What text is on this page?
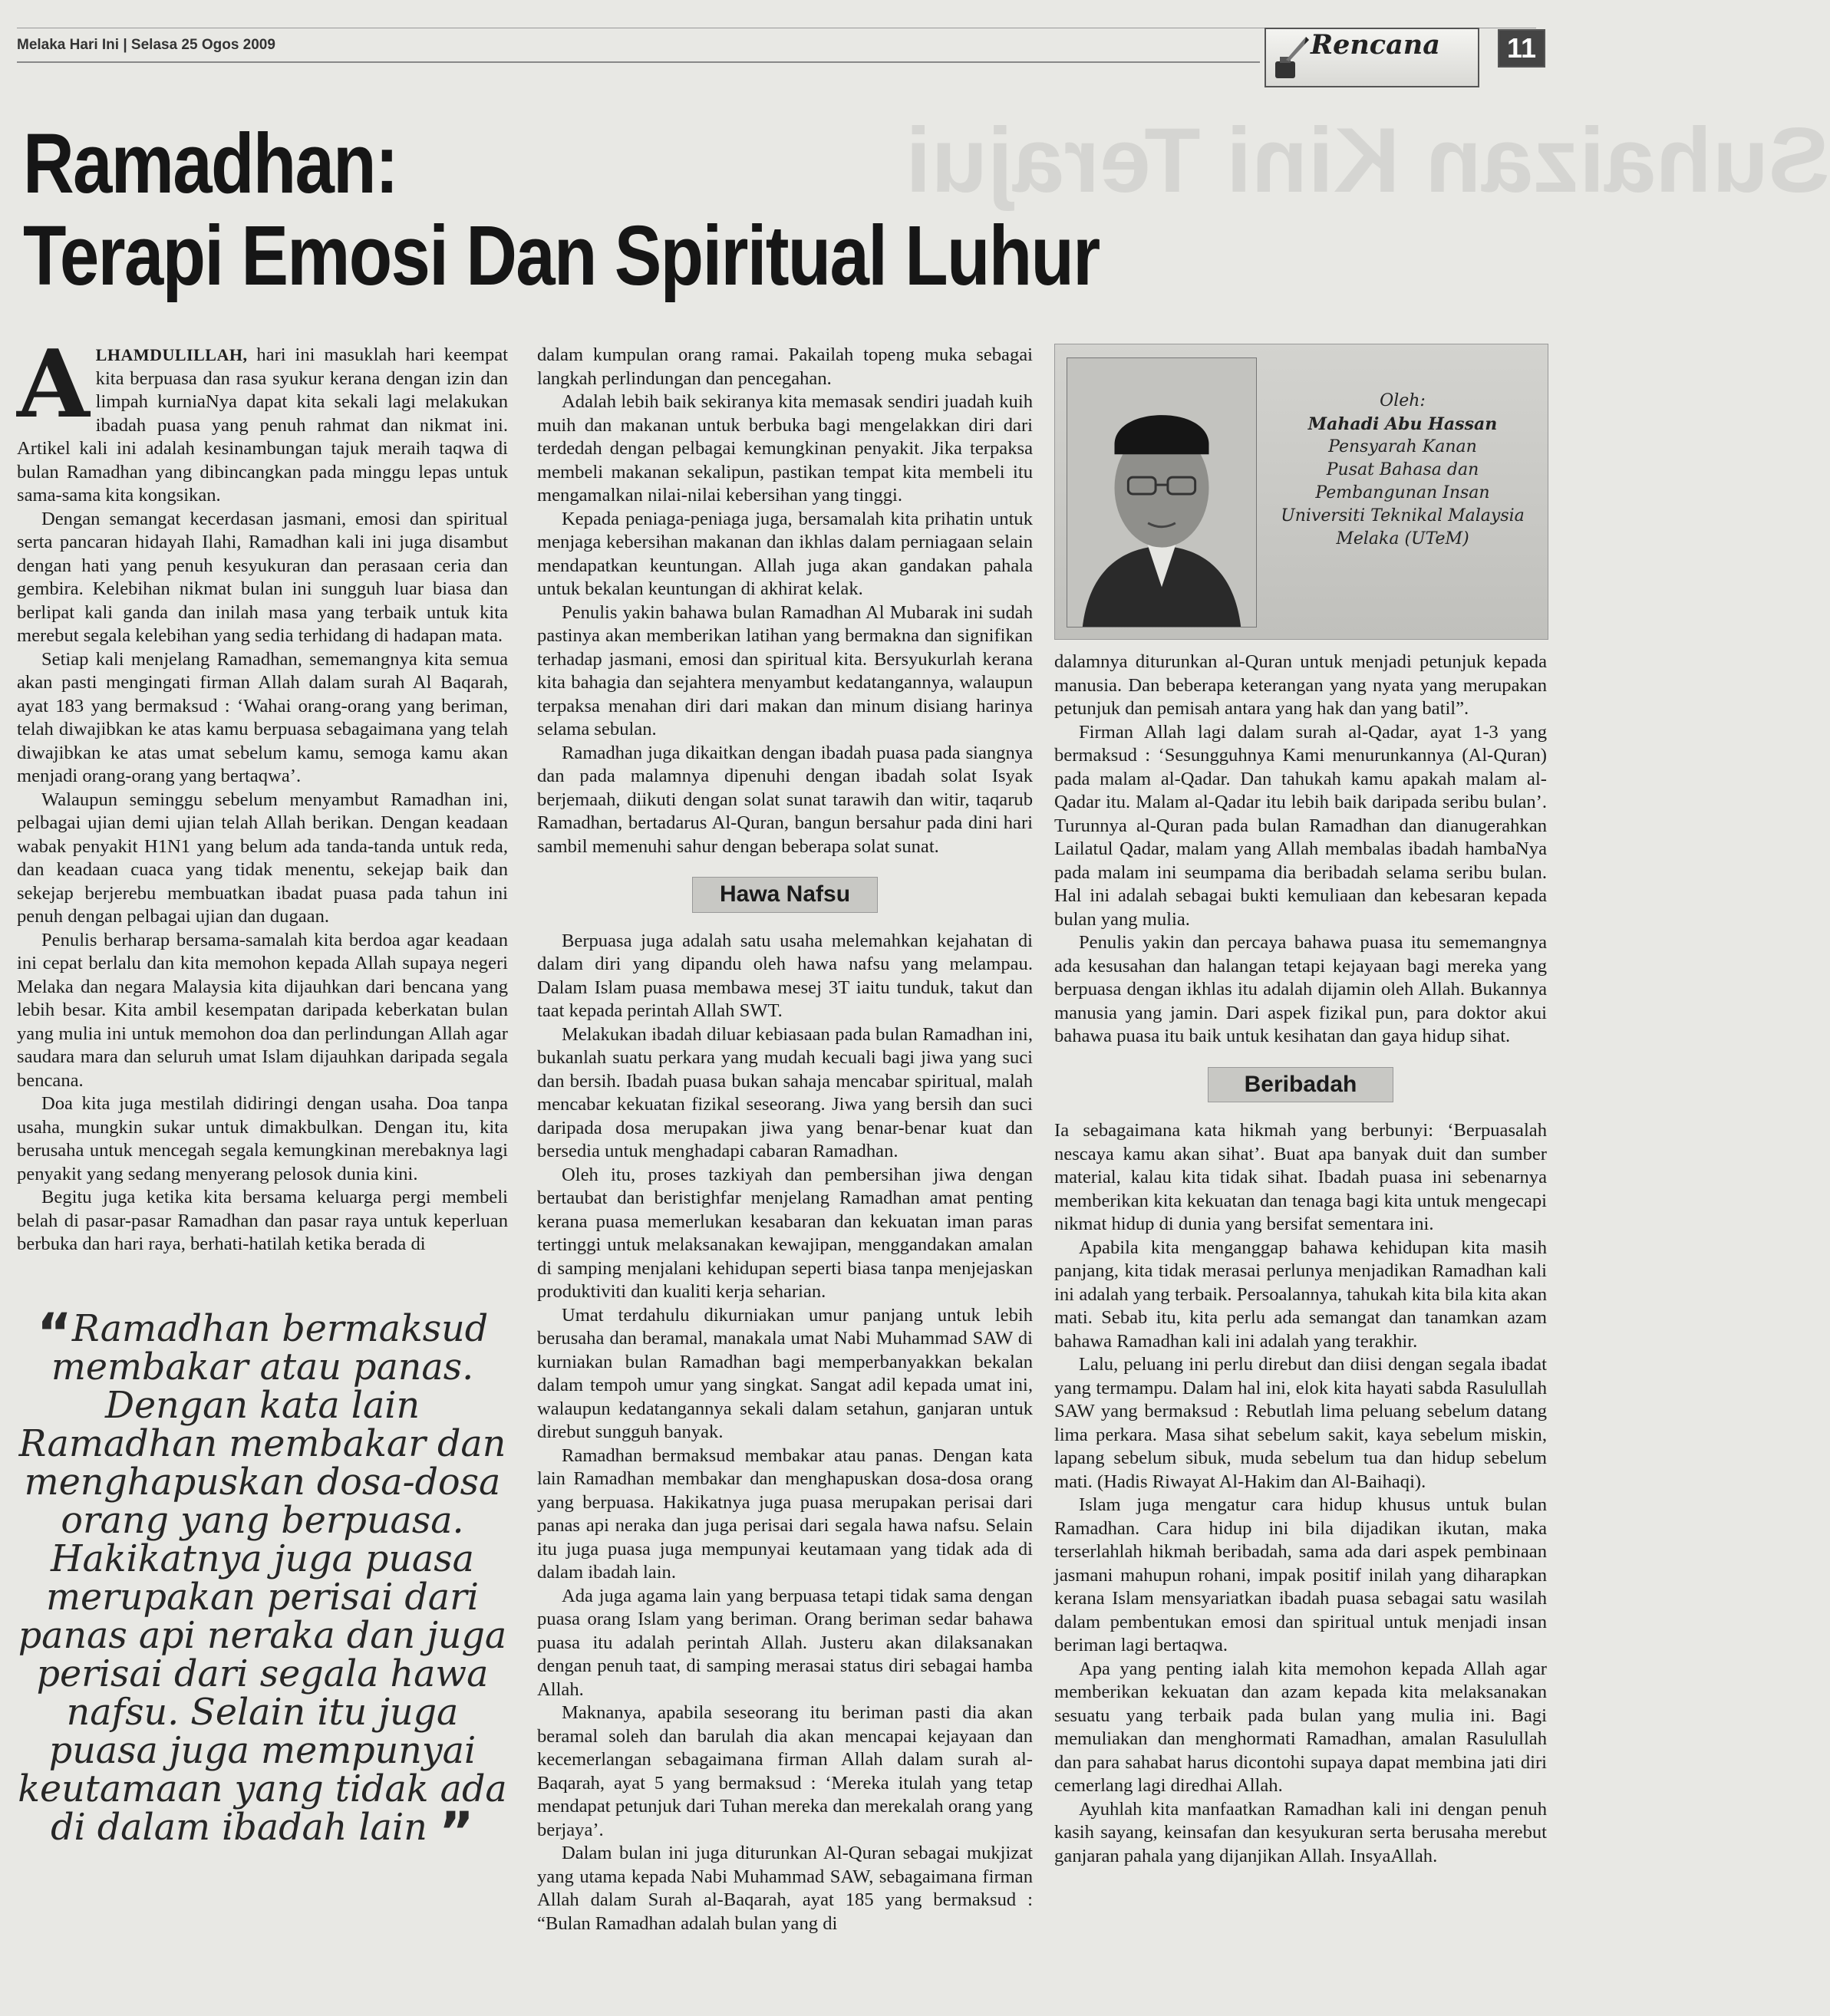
Melaka Hari Ini | Selasa 25 Ogos 2009	Rencana	11
Suhaizan Kini Terajui
Ramadhan:
Terapi Emosi Dan Spiritual Luhur
Oleh:
Mahadi Abu Hassan
Pensyarah Kanan
Pusat Bahasa dan
Pembangunan Insan
Universiti Teknikal Malaysia
Melaka (UTeM)

ALHAMDULILLAH, hari ini masuklah hari keempat kita berpuasa dan rasa syukur kerana dengan izin dan limpah kurniaNya dapat kita sekali lagi melakukan ibadah puasa yang penuh rahmat dan nikmat ini. Artikel kali ini adalah kesinambungan tajuk meraih taqwa di bulan Ramadhan yang dibincangkan pada minggu lepas untuk sama-sama kita kongsikan.

Dengan semangat kecerdasan jasmani, emosi dan spiritual serta pancaran hidayah Ilahi, Ramadhan kali ini juga disambut dengan hati yang penuh kesyukuran dan perasaan ceria dan gembira. Kelebihan nikmat bulan ini sungguh luar biasa dan berlipat kali ganda dan inilah masa yang terbaik untuk kita merebut segala kelebihan yang sedia terhidang di hadapan mata.

Setiap kali menjelang Ramadhan, sememangnya kita semua akan pasti mengingati firman Allah dalam surah Al Baqarah, ayat 183 yang bermaksud : ‘Wahai orang-orang yang beriman, telah diwajibkan ke atas kamu berpuasa sebagaimana yang telah diwajibkan ke atas umat sebelum kamu, semoga kamu akan menjadi orang-orang yang bertaqwa’.

Walaupun seminggu sebelum menyambut Ramadhan ini, pelbagai ujian demi ujian telah Allah berikan. Dengan keadaan wabak penyakit H1N1 yang belum ada tanda-tanda untuk reda, dan keadaan cuaca yang tidak menentu, sekejap baik dan sekejap berjerebu membuatkan ibadat puasa pada tahun ini penuh dengan pelbagai ujian dan dugaan.

Penulis berharap bersama-samalah kita berdoa agar keadaan ini cepat berlalu dan kita memohon kepada Allah supaya negeri Melaka dan negara Malaysia kita dijauhkan dari bencana yang lebih besar. Kita ambil kesempatan daripada keberkatan bulan yang mulia ini untuk memohon doa dan perlindungan Allah agar saudara mara dan seluruh umat Islam dijauhkan daripada segala bencana.

Doa kita juga mestilah didiringi dengan usaha. Doa tanpa usaha, mungkin sukar untuk dimakbulkan. Dengan itu, kita berusaha untuk mencegah segala kemungkinan merebaknya lagi penyakit yang sedang menyerang pelosok dunia kini.

Begitu juga ketika kita bersama keluarga pergi membeli belah di pasar-pasar Ramadhan dan pasar raya untuk keperluan berbuka dan hari raya, berhati-hatilah ketika berada di

dalam kumpulan orang ramai. Pakailah topeng muka sebagai langkah perlindungan dan pencegahan.

Adalah lebih baik sekiranya kita memasak sendiri juadah kuih muih dan makanan untuk berbuka bagi mengelakkan diri dari terdedah dengan pelbagai kemungkinan penyakit. Jika terpaksa membeli makanan sekalipun, pastikan tempat kita membeli itu mengamalkan nilai-nilai kebersihan yang tinggi.

Kepada peniaga-peniaga juga, bersamalah kita prihatin untuk menjaga kebersihan makanan dan ikhlas dalam perniagaan selain mendapatkan keuntungan. Allah juga akan gandakan pahala untuk bekalan keuntungan di akhirat kelak.

Penulis yakin bahawa bulan Ramadhan Al Mubarak ini sudah pastinya akan memberikan latihan yang bermakna dan signifikan terhadap jasmani, emosi dan spiritual kita. Bersyukurlah kerana kita bahagia dan sejahtera menyambut kedatangannya, walaupun terpaksa menahan diri dari makan dan minum disiang harinya selama sebulan.

Ramadhan juga dikaitkan dengan ibadah puasa pada siangnya dan pada malamnya dipenuhi dengan ibadah solat Isyak berjemaah, diikuti dengan solat sunat tarawih dan witir, taqarub Ramadhan, bertadarus Al-Quran, bangun bersahur pada dini hari sambil memenuhi sahur dengan beberapa solat sunat.

Hawa Nafsu

Berpuasa juga adalah satu usaha melemahkan kejahatan di dalam diri yang dipandu oleh hawa nafsu yang melampau. Dalam Islam puasa membawa mesej 3T iaitu tunduk, takut dan taat kepada perintah Allah SWT.

Melakukan ibadah diluar kebiasaan pada bulan Ramadhan ini, bukanlah suatu perkara yang mudah kecuali bagi jiwa yang suci dan bersih. Ibadah puasa bukan sahaja mencabar spiritual, malah mencabar kekuatan fizikal seseorang. Jiwa yang bersih dan suci daripada dosa merupakan jiwa yang benar-benar kuat dan bersedia untuk menghadapi cabaran Ramadhan.

Oleh itu, proses tazkiyah dan pembersihan jiwa dengan bertaubat dan beristighfar menjelang Ramadhan amat penting kerana puasa memerlukan kesabaran dan kekuatan iman paras tertinggi untuk melaksanakan kewajipan, menggandakan amalan di samping menjalani kehidupan seperti biasa tanpa menjejaskan produktiviti dan kualiti kerja seharian.

Umat terdahulu dikurniakan umur panjang untuk lebih berusaha dan beramal, manakala umat Nabi Muhammad SAW di kurniakan bulan Ramadhan bagi memperbanyakkan bekalan dalam tempoh umur yang singkat. Sangat adil kepada umat ini, walaupun kedatangannya sekali dalam setahun, ganjaran untuk direbut sungguh banyak.

Ramadhan bermaksud membakar atau panas. Dengan kata lain Ramadhan membakar dan menghapuskan dosa-dosa orang yang berpuasa. Hakikatnya juga puasa merupakan perisai dari panas api neraka dan juga perisai dari segala hawa nafsu. Selain itu juga puasa juga mempunyai keutamaan yang tidak ada di dalam ibadah lain.

Ada juga agama lain yang berpuasa tetapi tidak sama dengan puasa orang Islam yang beriman. Orang beriman sedar bahawa puasa itu adalah perintah Allah. Justeru akan dilaksanakan dengan penuh taat, di samping merasai status diri sebagai hamba Allah.

Maknanya, apabila seseorang itu beriman pasti dia akan beramal soleh dan barulah dia akan mencapai kejayaan dan kecemerlangan sebagaimana firman Allah dalam surah al-Baqarah, ayat 5 yang bermaksud : ‘Mereka itulah yang tetap mendapat petunjuk dari Tuhan mereka dan merekalah orang yang berjaya’.

Dalam bulan ini juga diturunkan Al-Quran sebagai mukjizat yang utama kepada Nabi Muhammad SAW, sebagaimana firman Allah dalam Surah al-Baqarah, ayat 185 yang bermaksud : “Bulan Ramadhan adalah bulan yang di

dalamnya diturunkan al-Quran untuk menjadi petunjuk kepada manusia. Dan beberapa keterangan yang nyata yang merupakan petunjuk dan pemisah antara yang hak dan yang batil”.

Firman Allah lagi dalam surah al-Qadar, ayat 1-3 yang bermaksud : ‘Sesungguhnya Kami menurunkannya (Al-Quran) pada malam al-Qadar. Dan tahukah kamu apakah malam al-Qadar itu. Malam al-Qadar itu lebih baik daripada seribu bulan’. Turunnya al-Quran pada bulan Ramadhan dan dianugerahkan Lailatul Qadar, malam yang Allah membalas ibadah hambaNya pada malam ini seumpama dia beribadah selama seribu bulan. Hal ini adalah sebagai bukti kemuliaan dan kebesaran kepada bulan yang mulia.

Penulis yakin dan percaya bahawa puasa itu sememangnya ada kesusahan dan halangan tetapi kejayaan bagi mereka yang berpuasa dengan ikhlas itu adalah dijamin oleh Allah. Bukannya manusia yang jamin. Dari aspek fizikal pun, para doktor akui bahawa puasa itu baik untuk kesihatan dan gaya hidup sihat.

Beribadah

Ia sebagaimana kata hikmah yang berbunyi: ‘Berpuasalah nescaya kamu akan sihat’. Buat apa banyak duit dan sumber material, kalau kita tidak sihat. Ibadah puasa ini sebenarnya memberikan kita kekuatan dan tenaga bagi kita untuk mengecapi nikmat hidup di dunia yang bersifat sementara ini.

Apabila kita menganggap bahawa kehidupan kita masih panjang, kita tidak merasai perlunya menjadikan Ramadhan kali ini adalah yang terbaik. Persoalannya, tahukah kita bila kita akan mati. Sebab itu, kita perlu ada semangat dan tanamkan azam bahawa Ramadhan kali ini adalah yang terakhir.

Lalu, peluang ini perlu direbut dan diisi dengan segala ibadat yang termampu. Dalam hal ini, elok kita hayati sabda Rasulullah SAW yang bermaksud : Rebutlah lima peluang sebelum datang lima perkara. Masa sihat sebelum sakit, kaya sebelum miskin, lapang sebelum sibuk, muda sebelum tua dan hidup sebelum mati. (Hadis Riwayat Al-Hakim dan Al-Baihaqi).

Islam juga mengatur cara hidup khusus untuk bulan Ramadhan. Cara hidup ini bila dijadikan ikutan, maka terserlahlah hikmah beribadah, sama ada dari aspek pembinaan jasmani mahupun rohani, impak positif inilah yang diharapkan kerana Islam mensyariatkan ibadah puasa sebagai satu wasilah dalam pembentukan emosi dan spiritual untuk menjadi insan beriman lagi bertaqwa.

Apa yang penting ialah kita memohon kepada Allah agar memberikan kekuatan dan azam kepada kita melaksanakan sesuatu yang terbaik pada bulan yang mulia ini. Bagi memuliakan dan menghormati Ramadhan, amalan Rasulullah dan para sahabat harus dicontohi supaya dapat membina jati diri cemerlang lagi diredhai Allah.

Ayuhlah kita manfaatkan Ramadhan kali ini dengan penuh kasih sayang, keinsafan dan kesyukuran serta berusaha merebut ganjaran pahala yang dijanjikan Allah. InsyaAllah.

“Ramadhan bermaksud membakar atau panas. Dengan kata lain Ramadhan membakar dan menghapuskan dosa-dosa orang yang berpuasa. Hakikatnya juga puasa merupakan perisai dari panas api neraka dan juga perisai dari segala hawa nafsu. Selain itu juga puasa juga mempunyai keutamaan yang tidak ada di dalam ibadah lain ”
